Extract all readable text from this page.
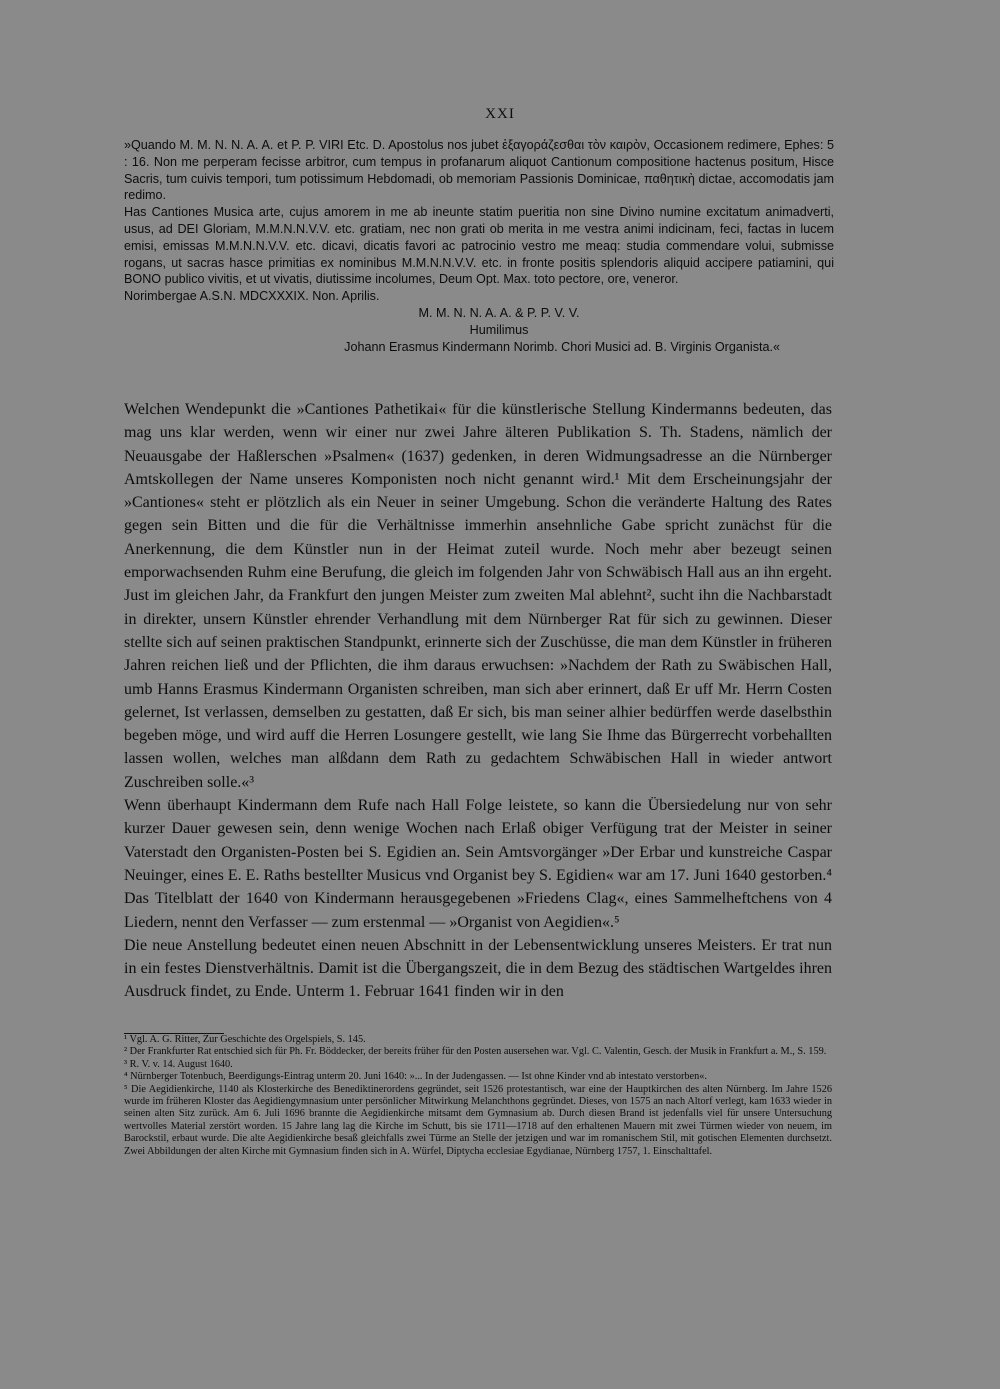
XXI

»Quando M. M. N. N. A. A. et P. P. VIRI Etc. D. Apostolus nos jubet ἐξαγοράζεσθαι τὸν καιρὸν, Occasionem redimere, Ephes: 5 : 16. Non me perperam fecisse arbitror, cum tempus in profanarum aliquot Cantionum compositione hactenus positum, Hisce Sacris, tum cuivis tempori, tum potissimum Hebdomadi, ob memoriam Passionis Dominicae, παθητικὴ dictae, accomodatis jam redimo.

Has Cantiones Musica arte, cujus amorem in me ab ineunte statim pueritia non sine Divino numine excitatum animadverti, usus, ad DEI Gloriam, M.M.N.N.V.V. etc. gratiam, nec non grati ob merita in me vestra animi indicinam, feci, factas in lucem emisi, emissas M.M.N.N.V.V. etc. dicavi, dicatis favori ac patrocinio vestro me meaq: studia commendare volui, submisse rogans, ut sacras hasce primitias ex nominibus M.M.N.N.V.V. etc. in fronte positis splendoris aliquid accipere patiamini, qui BONO publico vivitis, et ut vivatis, diutissime incolumes, Deum Opt. Max. toto pectore, ore, veneror.

Norimbergae A.S.N. MDCXXXIX. Non. Aprilis.

M. M. N. N. A. A. & P. P. V. V.

Humilimus

Johann Erasmus Kindermann Norimb. Chori Musici ad. B. Virginis Organista.«

Welchen Wendepunkt die »Cantiones Pathetikai« für die künstlerische Stellung Kindermanns bedeuten, das mag uns klar werden, wenn wir einer nur zwei Jahre älteren Publikation S. Th. Stadens, nämlich der Neuausgabe der Haßlerschen »Psalmen« (1637) gedenken, in deren Widmungsadresse an die Nürnberger Amtskollegen der Name unseres Komponisten noch nicht genannt wird.¹ Mit dem Erscheinungsjahr der »Cantiones« steht er plötzlich als ein Neuer in seiner Umgebung. Schon die veränderte Haltung des Rates gegen sein Bitten und die für die Verhältnisse immerhin ansehnliche Gabe spricht zunächst für die Anerkennung, die dem Künstler nun in der Heimat zuteil wurde. Noch mehr aber bezeugt seinen emporwachsenden Ruhm eine Berufung, die gleich im folgenden Jahr von Schwäbisch Hall aus an ihn ergeht. Just im gleichen Jahr, da Frankfurt den jungen Meister zum zweiten Mal ablehnt², sucht ihn die Nachbarstadt in direkter, unsern Künstler ehrender Verhandlung mit dem Nürnberger Rat für sich zu gewinnen. Dieser stellte sich auf seinen praktischen Standpunkt, erinnerte sich der Zuschüsse, die man dem Künstler in früheren Jahren reichen ließ und der Pflichten, die ihm daraus erwuchsen: »Nachdem der Rath zu Swäbischen Hall, umb Hanns Erasmus Kindermann Organisten schreiben, man sich aber erinnert, daß Er uff Mr. Herrn Costen gelernet, Ist verlassen, demselben zu gestatten, daß Er sich, bis man seiner alhier bedürffen werde daselbsthin begeben möge, und wird auff die Herren Losungere gestellt, wie lang Sie Ihme das Bürgerrecht vorbehallten lassen wollen, welches man alßdann dem Rath zu gedachtem Schwäbischen Hall in wieder antwort Zuschreiben solle.«³

Wenn überhaupt Kindermann dem Rufe nach Hall Folge leistete, so kann die Übersiedelung nur von sehr kurzer Dauer gewesen sein, denn wenige Wochen nach Erlaß obiger Verfügung trat der Meister in seiner Vaterstadt den Organisten-Posten bei S. Egidien an. Sein Amtsvorgänger »Der Erbar und kunstreiche Caspar Neuinger, eines E. E. Raths bestellter Musicus vnd Organist bey S. Egidien« war am 17. Juni 1640 gestorben.⁴ Das Titelblatt der 1640 von Kindermann herausgegebenen »Friedens Clag«, eines Sammelheftchens von 4 Liedern, nennt den Verfasser — zum erstenmal — »Organist von Aegidien«.⁵

Die neue Anstellung bedeutet einen neuen Abschnitt in der Lebensentwicklung unseres Meisters. Er trat nun in ein festes Dienstverhältnis. Damit ist die Übergangszeit, die in dem Bezug des städtischen Wartgeldes ihren Ausdruck findet, zu Ende. Unterm 1. Februar 1641 finden wir in den

¹ Vgl. A. G. Ritter, Zur Geschichte des Orgelspiels, S. 145.

² Der Frankfurter Rat entschied sich für Ph. Fr. Böddecker, der bereits früher für den Posten ausersehen war. Vgl. C. Valentin, Gesch. der Musik in Frankfurt a. M., S. 159.

³ R. V. v. 14. August 1640.

⁴ Nürnberger Totenbuch, Beerdigungs-Eintrag unterm 20. Juni 1640: »... In der Judengassen. — Ist ohne Kinder vnd ab intestato verstorben«.

⁵ Die Aegidienkirche, 1140 als Klosterkirche des Benediktinerordens gegründet, seit 1526 protestantisch, war eine der Hauptkirchen des alten Nürnberg. Im Jahre 1526 wurde im früheren Kloster das Aegidiengymnasium unter persönlicher Mitwirkung Melanchthons gegründet. Dieses, von 1575 an nach Altorf verlegt, kam 1633 wieder in seinen alten Sitz zurück. Am 6. Juli 1696 brannte die Aegidienkirche mitsamt dem Gymnasium ab. Durch diesen Brand ist jedenfalls viel für unsere Untersuchung wertvolles Material zerstört worden. 15 Jahre lang lag die Kirche im Schutt, bis sie 1711—1718 auf den erhaltenen Mauern mit zwei Türmen wieder von neuem, im Barockstil, erbaut wurde. Die alte Aegidienkirche besaß gleichfalls zwei Türme an Stelle der jetzigen und war im romanischem Stil, mit gotischen Elementen durchsetzt. Zwei Abbildungen der alten Kirche mit Gymnasium finden sich in A. Würfel, Diptycha ecclesiae Egydianae, Nürnberg 1757, 1. Einschalttafel.
